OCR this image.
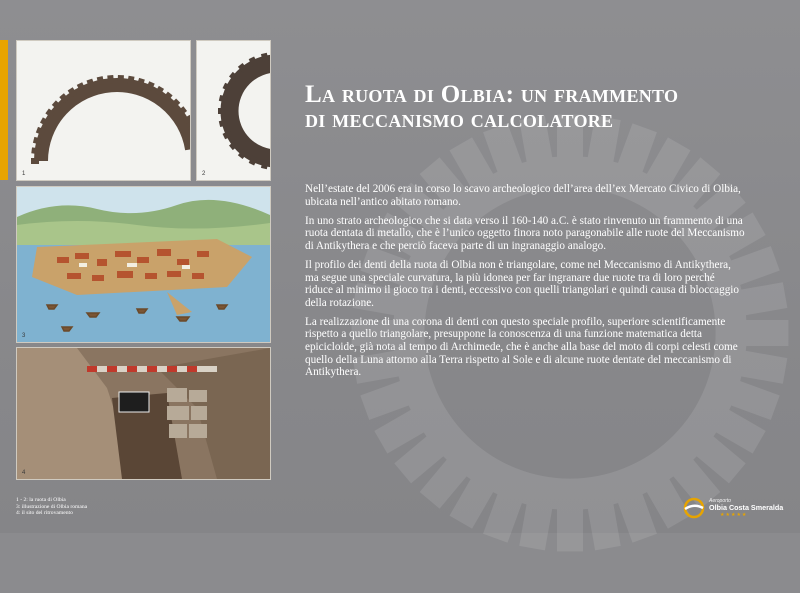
1	2
3
4
La ruota di Olbia: un frammento
di meccanismo calcolatore

Nell’estate del 2006 era in corso lo scavo archeologico dell’area dell’ex Mercato Civico di Olbia, ubicata nell’antico abitato romano.

In uno strato archeologico che si data verso il 160-140 a.C. è stato rinvenuto un frammento di una ruota dentata di metallo, che è l’unico oggetto finora noto paragonabile alle ruote del Meccanismo di Antikythera e che perciò faceva parte di un ingranaggio analogo.

Il profilo dei denti della ruota di Olbia non è triangolare, come nel Meccanismo di Antikythera, ma segue una speciale curvatura, la più idonea per far ingranare due ruote tra di loro perché riduce al minimo il gioco tra i denti, eccessivo con quelli triangolari e quindi causa di bloccaggio della rotazione.

La realizzazione di una corona di denti con questo speciale profilo, superiore scientificamente rispetto a quello triangolare, presuppone la conoscenza di una funzione matematica detta epicicloide, già nota al tempo di Archimede, che è anche alla base del moto di corpi celesti come quello della Luna attorno alla Terra rispetto al Sole e di alcune ruote dentate del meccanismo di Antikythera.

1 - 2: la ruota di Olbia
3: illustrazione di Olbia romana
4: il sito del ritrovamento
Aeroporto
Olbia Costa Smeralda
★★★★★
